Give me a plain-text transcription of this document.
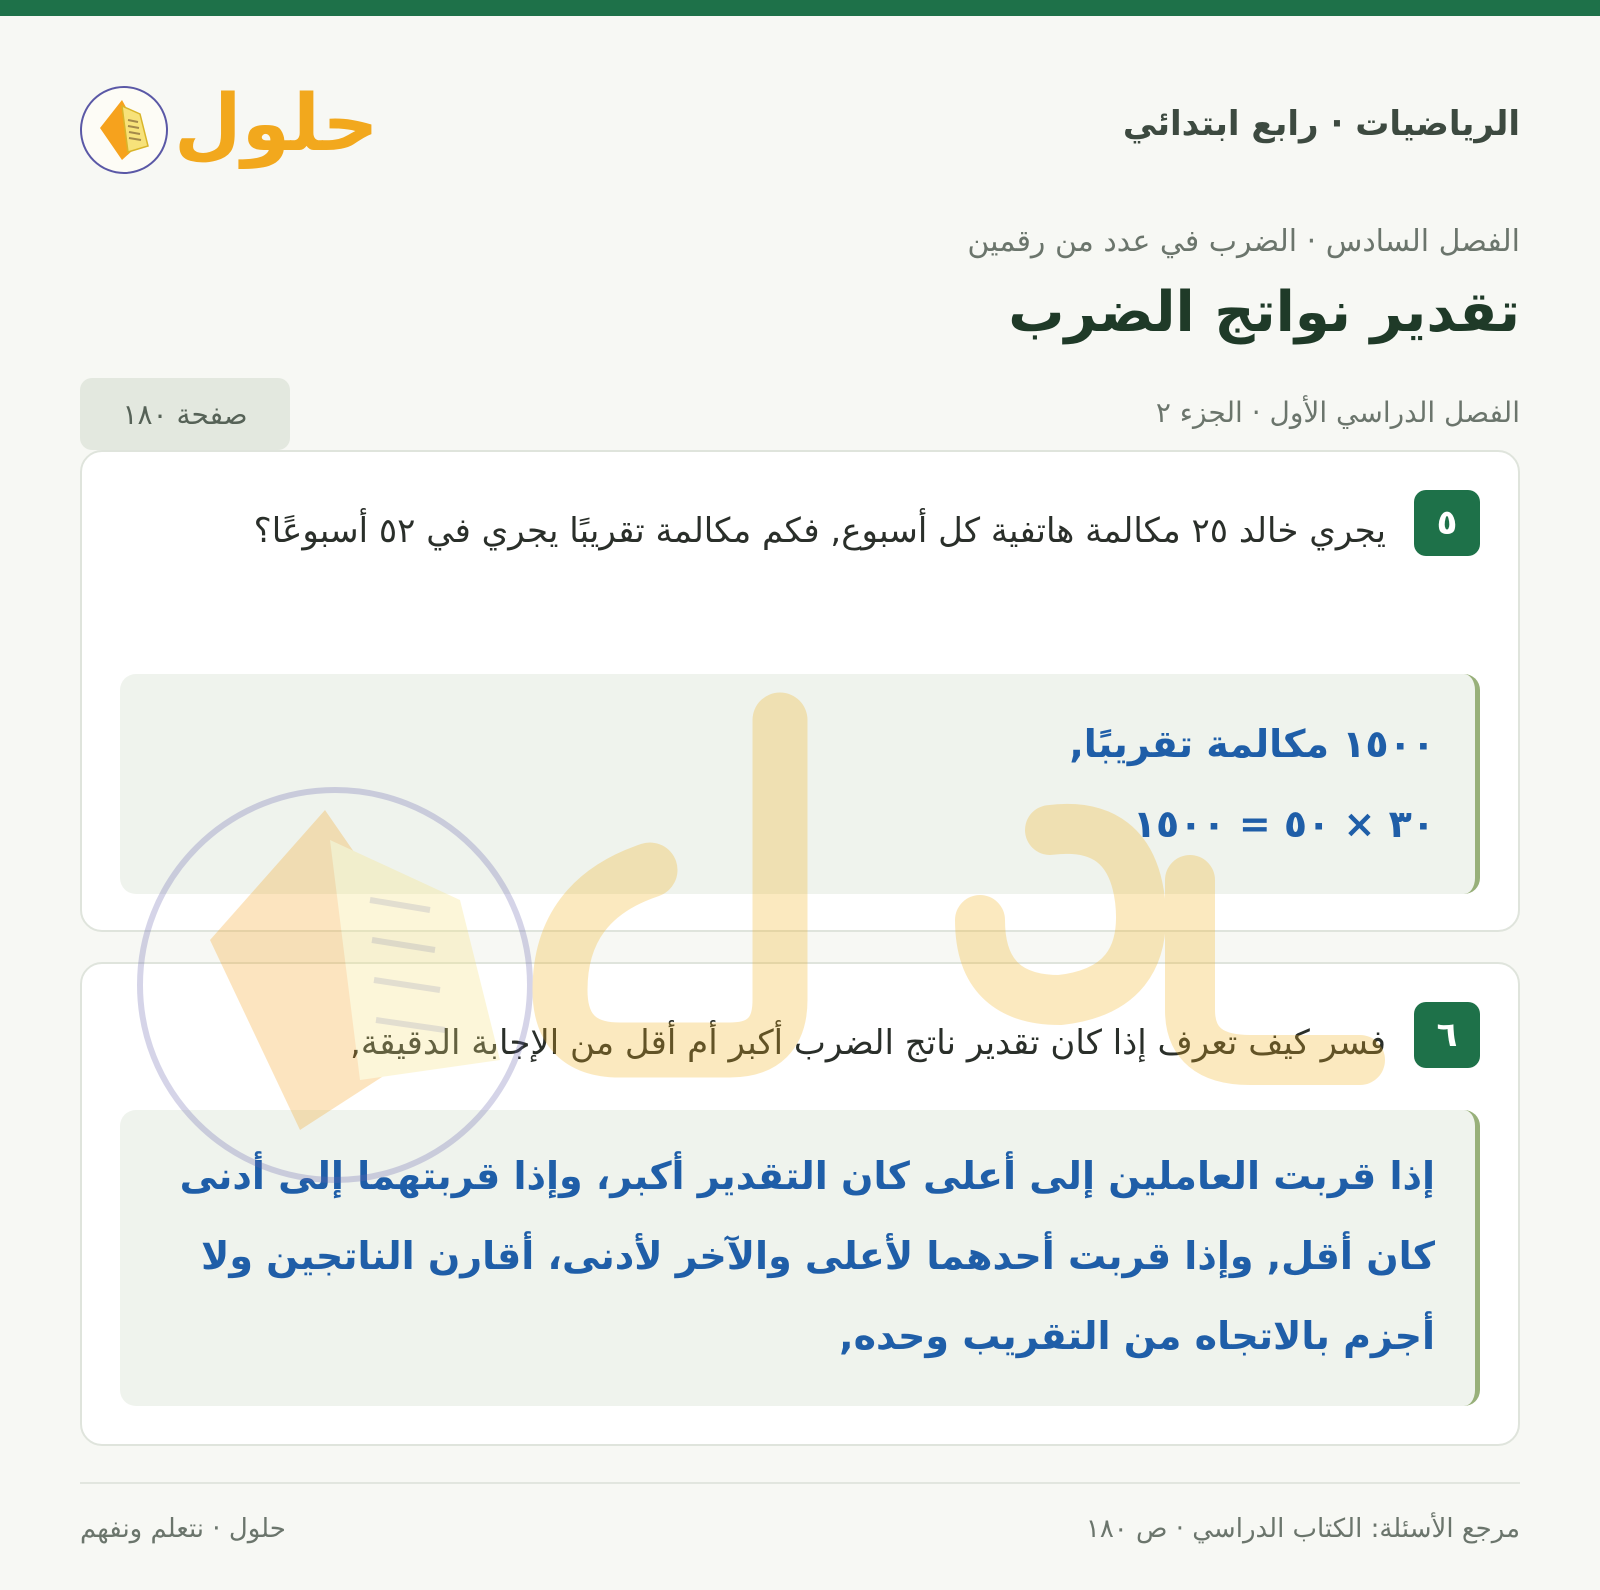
الرياضيات · رابع ابتدائي
حلول
الفصل السادس · الضرب في عدد من رقمين
تقدير نواتج الضرب
الفصل الدراسي الأول · الجزء ٢
صفحة ١٨٠
٥
يجري خالد ٢٥ مكالمة هاتفية كل أسبوع, فكم مكالمة تقريبًا يجري في ٥٢ أسبوعًا؟
١٥٠٠ مكالمة تقريبًا,
٣٠ × ٥٠ = ١٥٠٠
٦
فسر كيف تعرف إذا كان تقدير ناتج الضرب أكبر أم أقل من الإجابة الدقيقة,
إذا قربت العاملين إلى أعلى كان التقدير أكبر، وإذا قربتهما إلى أدنى كان أقل, وإذا قربت أحدهما لأعلى والآخر لأدنى، أقارن الناتجين ولا أجزم بالاتجاه من التقريب وحده,
مرجع الأسئلة: الكتاب الدراسي · ص ١٨٠
حلول · نتعلم ونفهم
